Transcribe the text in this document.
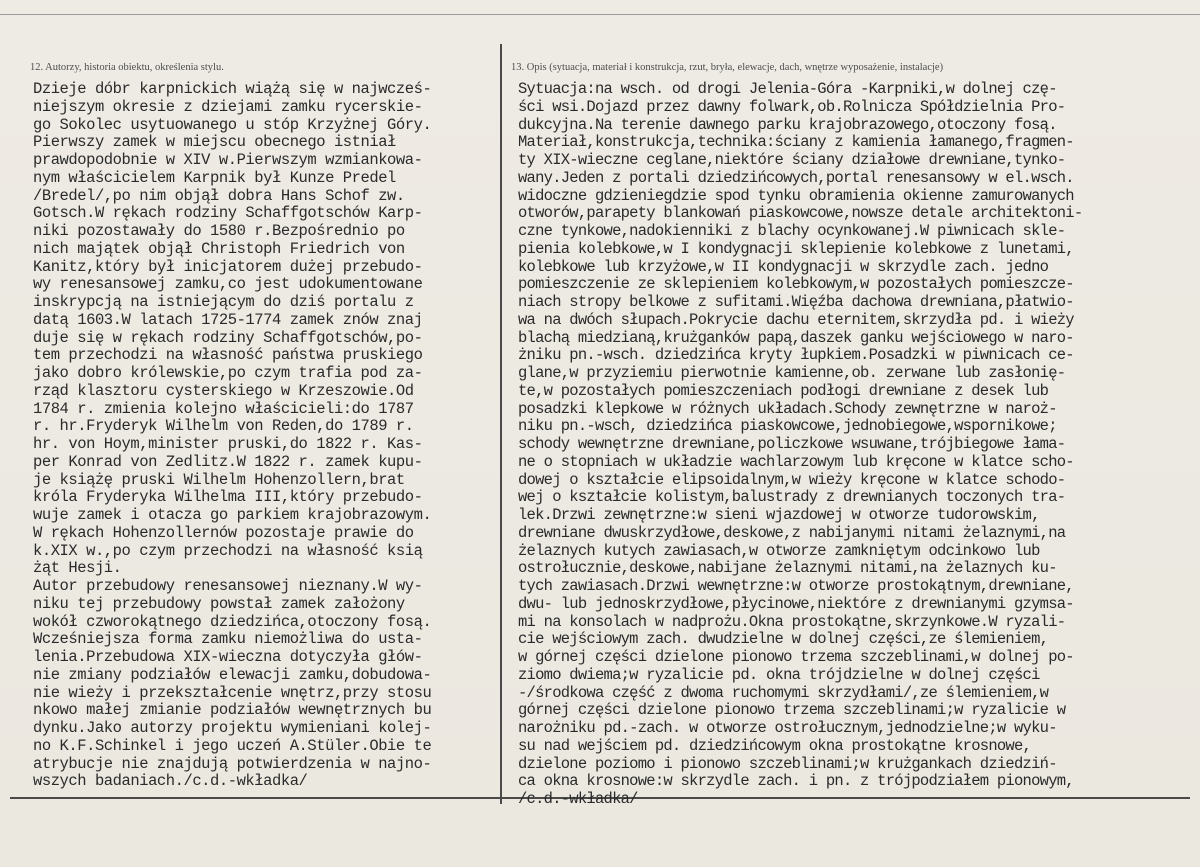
12. Autorzy, historia obiektu, określenia stylu.	13. Opis (sytuacja, materiał i konstrukcja, rzut, bryła, elewacje, dach, wnętrze wyposażenie, instalacje)
Dzieje dóbr karpnickich wiążą się w najwcześ-
niejszym okresie z dziejami zamku rycerskie-
go Sokolec usytuowanego u stóp Krzyżnej Góry.
Pierwszy zamek w miejscu obecnego istniał
prawdopodobnie w XIV w.Pierwszym wzmiankowa-
nym właścicielem Karpnik był Kunze Predel
/Bredel/,po nim objął dobra Hans Schof zw.
Gotsch.W rękach rodziny Schaffgotschów Karp-
niki pozostawały do 1580 r.Bezpośrednio po
nich majątek objął Christoph Friedrich von
Kanitz,który był inicjatorem dużej przebudo-
wy renesansowej zamku,co jest udokumentowane
inskrypcją na istniejącym do dziś portalu z
datą 1603.W latach 1725-1774 zamek znów znaj
duje się w rękach rodziny Schaffgotschów,po-
tem przechodzi na własność państwa pruskiego
jako dobro królewskie,po czym trafia pod za-
rząd klasztoru cysterskiego w Krzeszowie.Od
1784 r. zmienia kolejno właścicieli:do 1787
r. hr.Fryderyk Wilhelm von Reden,do 1789 r.
hr. von Hoym,minister pruski,do 1822 r. Kas-
per Konrad von Zedlitz.W 1822 r. zamek kupu-
je książę pruski Wilhelm Hohenzollern,brat
króla Fryderyka Wilhelma III,który przebudo-
wuje zamek i otacza go parkiem krajobrazowym.
W rękach Hohenzollernów pozostaje prawie do
k.XIX w.,po czym przechodzi na własność ksią
żąt Hesji.
Autor przebudowy renesansowej nieznany.W wy-
niku tej przebudowy powstał zamek założony
wokół czworokątnego dziedzińca,otoczony fosą.
Wcześniejsza forma zamku niemożliwa do usta-
lenia.Przebudowa XIX-wieczna dotyczyła głów-
nie zmiany podziałów elewacji zamku,dobudowa-
nie wieży i przekształcenie wnętrz,przy stosu
nkowo małej zmianie podziałów wewnętrznych bu
dynku.Jako autorzy projektu wymieniani kolej-
no K.F.Schinkel i jego uczeń A.Stüler.Obie te
atrybucje nie znajdują potwierdzenia w najno-
wszych badaniach./c.d.-wkładka/
Sytuacja:na wsch. od drogi Jelenia-Góra -Karpniki,w dolnej czę-
ści wsi.Dojazd przez dawny folwark,ob.Rolnicza Spółdzielnia Pro-
dukcyjna.Na terenie dawnego parku krajobrazowego,otoczony fosą.
Materiał,konstrukcja,technika:ściany z kamienia łamanego,fragmen-
ty XIX-wieczne ceglane,niektóre ściany działowe drewniane,tynko-
wany.Jeden z portali dziedzińcowych,portal renesansowy w el.wsch.
widoczne gdzieniegdzie spod tynku obramienia okienne zamurowanych
otworów,parapety blankowań piaskowcowe,nowsze detale architektoni-
czne tynkowe,nadokienniki z blachy ocynkowanej.W piwnicach skle-
pienia kolebkowe,w I kondygnacji sklepienie kolebkowe z lunetami,
kolebkowe lub krzyżowe,w II kondygnacji w skrzydle zach. jedno
pomieszczenie ze sklepieniem kolebkowym,w pozostałych pomieszcze-
niach stropy belkowe z sufitami.Więźba dachowa drewniana,płatwio-
wa na dwóch słupach.Pokrycie dachu eternitem,skrzydła pd. i wieży
blachą miedzianą,krużganków papą,daszek ganku wejściowego w naro-
żniku pn.-wsch. dziedzińca kryty łupkiem.Posadzki w piwnicach ce-
glane,w przyziemiu pierwotnie kamienne,ob. zerwane lub zasłonię-
te,w pozostałych pomieszczeniach podłogi drewniane z desek lub
posadzki klepkowe w różnych układach.Schody zewnętrzne w naroż-
niku pn.-wsch, dziedzińca piaskowcowe,jednobiegowe,wspornikowe;
schody wewnętrzne drewniane,policzkowe wsuwane,trójbiegowe łama-
ne o stopniach w układzie wachlarzowym lub kręcone w klatce scho-
dowej o kształcie elipsoidalnym,w wieży kręcone w klatce schodo-
wej o kształcie kolistym,balustrady z drewnianych toczonych tra-
lek.Drzwi zewnętrzne:w sieni wjazdowej w otworze tudorowskim,
drewniane dwuskrzydłowe,deskowe,z nabijanymi nitami żelaznymi,na
żelaznych kutych zawiasach,w otworze zamkniętym odcinkowo lub
ostrołucznie,deskowe,nabijane żelaznymi nitami,na żelaznych ku-
tych zawiasach.Drzwi wewnętrzne:w otworze prostokątnym,drewniane,
dwu- lub jednoskrzydłowe,płycinowe,niektóre z drewnianymi gzymsa-
mi na konsolach w nadprożu.Okna prostokątne,skrzynkowe.W ryzali-
cie wejściowym zach. dwudzielne w dolnej części,ze ślemieniem,
w górnej części dzielone pionowo trzema szczeblinami,w dolnej po-
ziomo dwiema;w ryzalicie pd. okna trójdzielne w dolnej części
-/środkowa część z dwoma ruchomymi skrzydłami/,ze ślemieniem,w
górnej części dzielone pionowo trzema szczeblinami;w ryzalicie w
narożniku pd.-zach. w otworze ostrołucznym,jednodzielne;w wyku-
su nad wejściem pd. dziedzińcowym okna prostokątne krosnowe,
dzielone poziomo i pionowo szczeblinami;w krużgankach dziedziń-
ca okna krosnowe:w skrzydle zach. i pn. z trójpodziałem pionowym,
/c.d.-wkładka/
